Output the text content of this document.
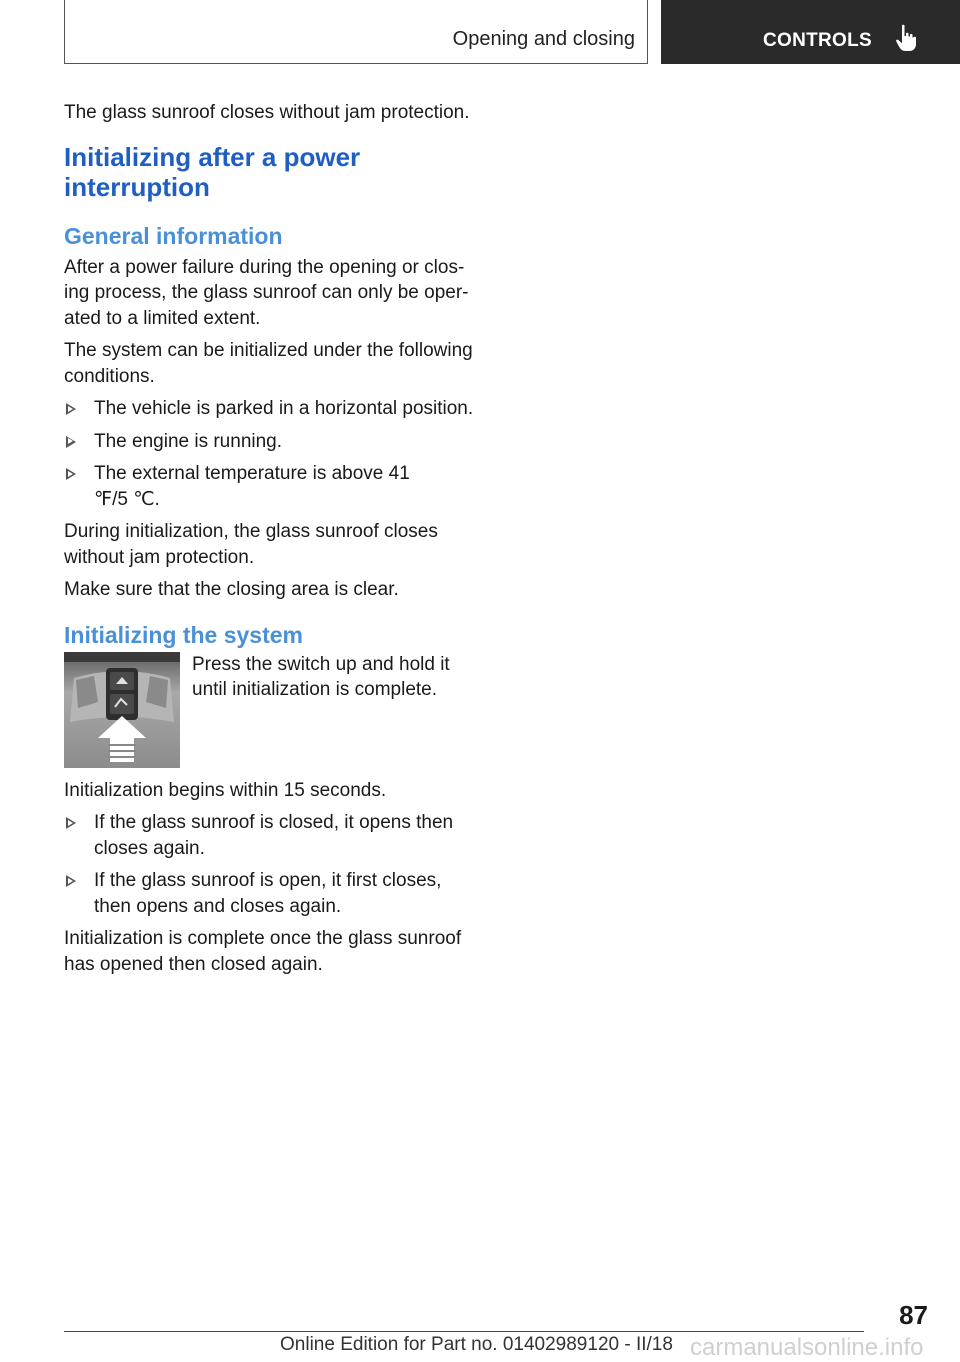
Opening and closing	CONTROLS

The glass sunroof closes without jam protection.

Initializing after a power interruption
General information

After a power failure during the opening or clos-ing process, the glass sunroof can only be oper-ated to a limited extent.

The system can be initialized under the following conditions.

The vehicle is parked in a horizontal position.
The engine is running.
The external temperature is above 41 ℉/5 ℃.

During initialization, the glass sunroof closes without jam protection.

Make sure that the closing area is clear.

Initializing the system
Press the switch up and hold it until initialization is complete.

Initialization begins within 15 seconds.

If the glass sunroof is closed, it opens then closes again.
If the glass sunroof is open, it first closes, then opens and closes again.

Initialization is complete once the glass sunroof has opened then closed again.

87
Online Edition for Part no. 01402989120 - II/18 carmanualsonline.info
